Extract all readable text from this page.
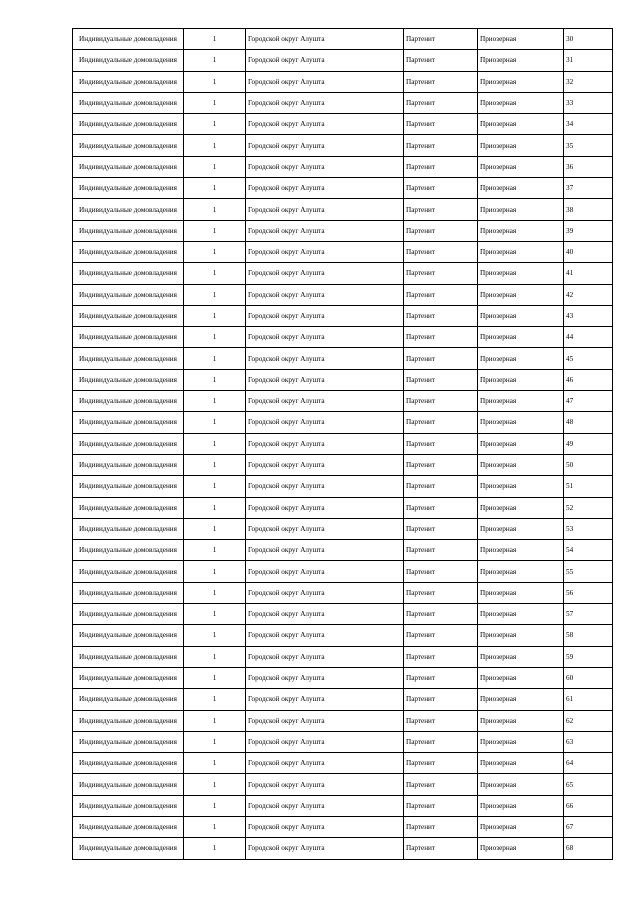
Индивидуальные домовладения	1	Городской округ Алушта	Партенит	Приозерная	30
Индивидуальные домовладения	1	Городской округ Алушта	Партенит	Приозерная	31
Индивидуальные домовладения	1	Городской округ Алушта	Партенит	Приозерная	32
Индивидуальные домовладения	1	Городской округ Алушта	Партенит	Приозерная	33
Индивидуальные домовладения	1	Городской округ Алушта	Партенит	Приозерная	34
Индивидуальные домовладения	1	Городской округ Алушта	Партенит	Приозерная	35
Индивидуальные домовладения	1	Городской округ Алушта	Партенит	Приозерная	36
Индивидуальные домовладения	1	Городской округ Алушта	Партенит	Приозерная	37
Индивидуальные домовладения	1	Городской округ Алушта	Партенит	Приозерная	38
Индивидуальные домовладения	1	Городской округ Алушта	Партенит	Приозерная	39
Индивидуальные домовладения	1	Городской округ Алушта	Партенит	Приозерная	40
Индивидуальные домовладения	1	Городской округ Алушта	Партенит	Приозерная	41
Индивидуальные домовладения	1	Городской округ Алушта	Партенит	Приозерная	42
Индивидуальные домовладения	1	Городской округ Алушта	Партенит	Приозерная	43
Индивидуальные домовладения	1	Городской округ Алушта	Партенит	Приозерная	44
Индивидуальные домовладения	1	Городской округ Алушта	Партенит	Приозерная	45
Индивидуальные домовладения	1	Городской округ Алушта	Партенит	Приозерная	46
Индивидуальные домовладения	1	Городской округ Алушта	Партенит	Приозерная	47
Индивидуальные домовладения	1	Городской округ Алушта	Партенит	Приозерная	48
Индивидуальные домовладения	1	Городской округ Алушта	Партенит	Приозерная	49
Индивидуальные домовладения	1	Городской округ Алушта	Партенит	Приозерная	50
Индивидуальные домовладения	1	Городской округ Алушта	Партенит	Приозерная	51
Индивидуальные домовладения	1	Городской округ Алушта	Партенит	Приозерная	52
Индивидуальные домовладения	1	Городской округ Алушта	Партенит	Приозерная	53
Индивидуальные домовладения	1	Городской округ Алушта	Партенит	Приозерная	54
Индивидуальные домовладения	1	Городской округ Алушта	Партенит	Приозерная	55
Индивидуальные домовладения	1	Городской округ Алушта	Партенит	Приозерная	56
Индивидуальные домовладения	1	Городской округ Алушта	Партенит	Приозерная	57
Индивидуальные домовладения	1	Городской округ Алушта	Партенит	Приозерная	58
Индивидуальные домовладения	1	Городской округ Алушта	Партенит	Приозерная	59
Индивидуальные домовладения	1	Городской округ Алушта	Партенит	Приозерная	60
Индивидуальные домовладения	1	Городской округ Алушта	Партенит	Приозерная	61
Индивидуальные домовладения	1	Городской округ Алушта	Партенит	Приозерная	62
Индивидуальные домовладения	1	Городской округ Алушта	Партенит	Приозерная	63
Индивидуальные домовладения	1	Городской округ Алушта	Партенит	Приозерная	64
Индивидуальные домовладения	1	Городской округ Алушта	Партенит	Приозерная	65
Индивидуальные домовладения	1	Городской округ Алушта	Партенит	Приозерная	66
Индивидуальные домовладения	1	Городской округ Алушта	Партенит	Приозерная	67
Индивидуальные домовладения	1	Городской округ Алушта	Партенит	Приозерная	68
